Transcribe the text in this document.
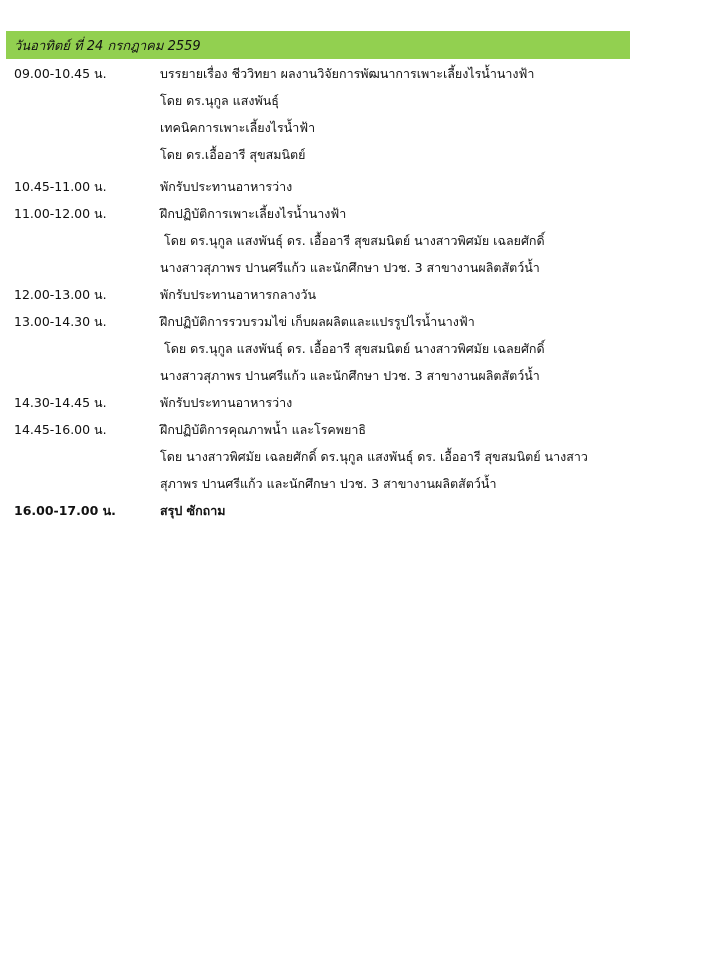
วันอาทิตย์ ที่ 24 กรกฎาคม 2559
09.00-10.45 น.	บรรยายเรื่อง ชีววิทยา ผลงานวิจัยการพัฒนาการเพาะเลี้ยงไรน้ำนางฟ้า
โดย ดร.นุกูล แสงพันธุ์
เทคนิคการเพาะเลี้ยงไรน้ำฟ้า
โดย ดร.เอื้ออารี สุขสมนิตย์
10.45-11.00 น.	พักรับประทานอาหารว่าง
11.00-12.00 น.	ฝึกปฏิบัติการเพาะเลี้ยงไรน้ำนางฟ้า
โดย ดร.นุกูล แสงพันธุ์ ดร. เอื้ออารี สุขสมนิตย์ นางสาวพิศมัย เฉลยศักดิ์
นางสาวสุภาพร ปานศรีแก้ว และนักศึกษา ปวช. 3 สาขางานผลิตสัตว์น้ำ
12.00-13.00 น.	พักรับประทานอาหารกลางวัน
13.00-14.30 น.	ฝึกปฏิบัติการรวบรวมไข่ เก็บผลผลิตและแปรรูปไรน้ำนางฟ้า
โดย ดร.นุกูล แสงพันธุ์ ดร. เอื้ออารี สุขสมนิตย์ นางสาวพิศมัย เฉลยศักดิ์
นางสาวสุภาพร ปานศรีแก้ว และนักศึกษา ปวช. 3 สาขางานผลิตสัตว์น้ำ
14.30-14.45 น.	พักรับประทานอาหารว่าง
14.45-16.00 น.	ฝึกปฏิบัติการคุณภาพน้ำ และโรคพยาธิ
โดย นางสาวพิศมัย เฉลยศักดิ์ ดร.นุกูล แสงพันธุ์ ดร. เอื้ออารี สุขสมนิตย์ นางสาว
สุภาพร ปานศรีแก้ว และนักศึกษา ปวช. 3 สาขางานผลิตสัตว์น้ำ
16.00-17.00 น.	สรุป ซักถาม
